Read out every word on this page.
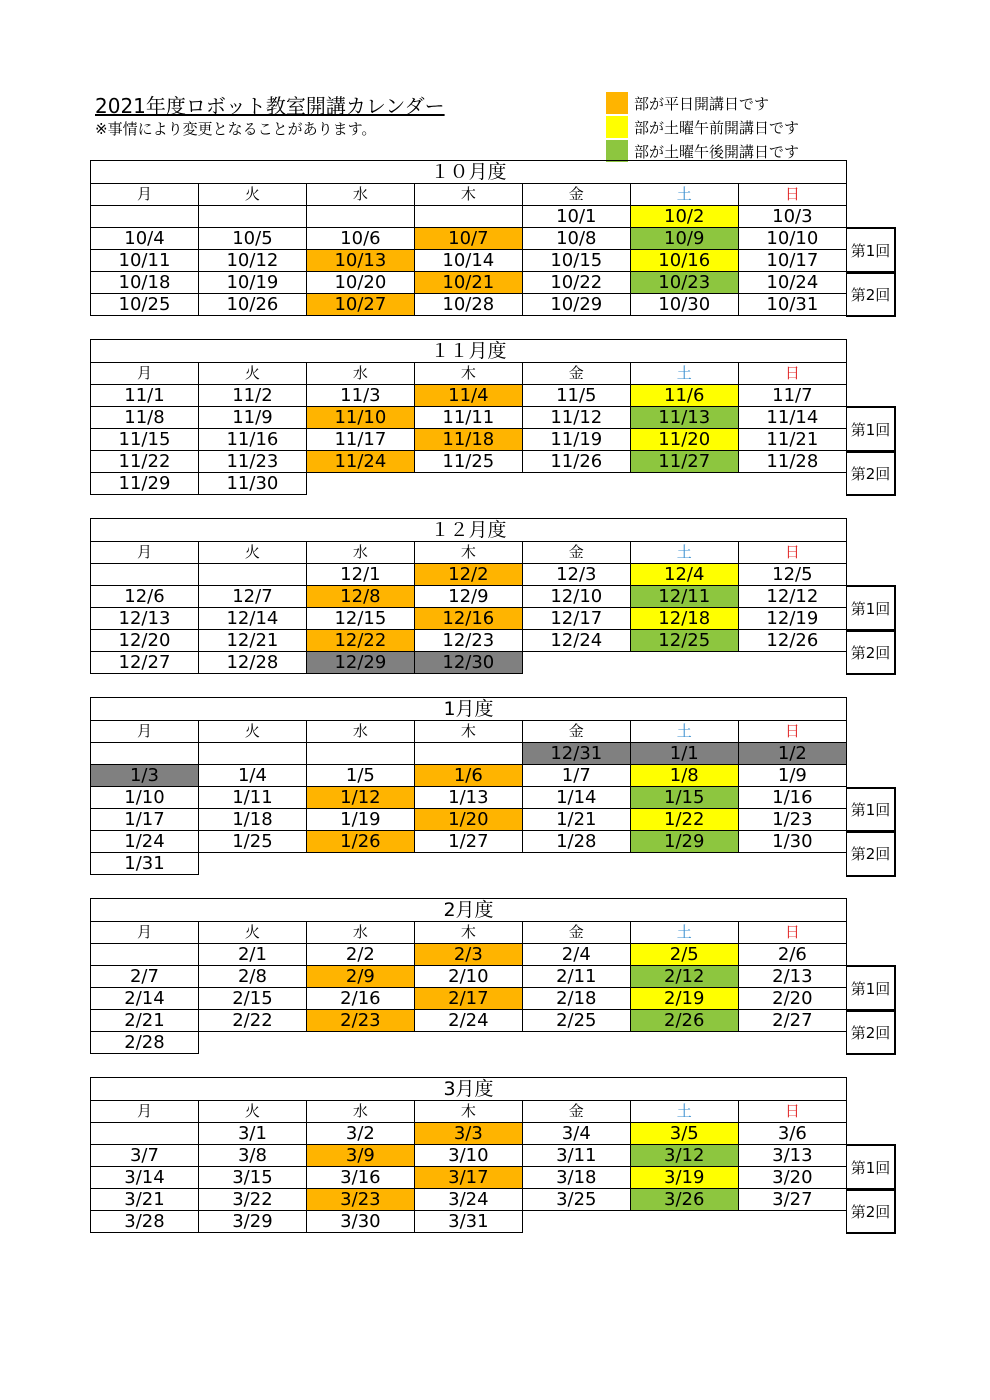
2021年度ロボット教室開講カレンダー
※事情により変更となることがあります。
部が平日開講日です
部が土曜午前開講日です
部が土曜午後開講日です
１０月度						
月	火	水	木	金	土	日
				10/1	10/2	10/3
10/4	10/5	10/6	10/7	10/8	10/9	10/10
10/11	10/12	10/13	10/14	10/15	10/16	10/17
10/18	10/19	10/20	10/21	10/22	10/23	10/24
10/25	10/26	10/27	10/28	10/29	10/30	10/31
第1回
第2回
１１月度						
月	火	水	木	金	土	日
11/1	11/2	11/3	11/4	11/5	11/6	11/7
11/8	11/9	11/10	11/11	11/12	11/13	11/14
11/15	11/16	11/17	11/18	11/19	11/20	11/21
11/22	11/23	11/24	11/25	11/26	11/27	11/28
11/29	11/30					
第1回
第2回
１２月度						
月	火	水	木	金	土	日
		12/1	12/2	12/3	12/4	12/5
12/6	12/7	12/8	12/9	12/10	12/11	12/12
12/13	12/14	12/15	12/16	12/17	12/18	12/19
12/20	12/21	12/22	12/23	12/24	12/25	12/26
12/27	12/28	12/29	12/30			
第1回
第2回
1月度						
月	火	水	木	金	土	日
				12/31	1/1	1/2
1/3	1/4	1/5	1/6	1/7	1/8	1/9
1/10	1/11	1/12	1/13	1/14	1/15	1/16
1/17	1/18	1/19	1/20	1/21	1/22	1/23
1/24	1/25	1/26	1/27	1/28	1/29	1/30
1/31						
第1回
第2回
2月度						
月	火	水	木	金	土	日
	2/1	2/2	2/3	2/4	2/5	2/6
2/7	2/8	2/9	2/10	2/11	2/12	2/13
2/14	2/15	2/16	2/17	2/18	2/19	2/20
2/21	2/22	2/23	2/24	2/25	2/26	2/27
2/28						
第1回
第2回
3月度						
月	火	水	木	金	土	日
	3/1	3/2	3/3	3/4	3/5	3/6
3/7	3/8	3/9	3/10	3/11	3/12	3/13
3/14	3/15	3/16	3/17	3/18	3/19	3/20
3/21	3/22	3/23	3/24	3/25	3/26	3/27
3/28	3/29	3/30	3/31			
第1回
第2回
